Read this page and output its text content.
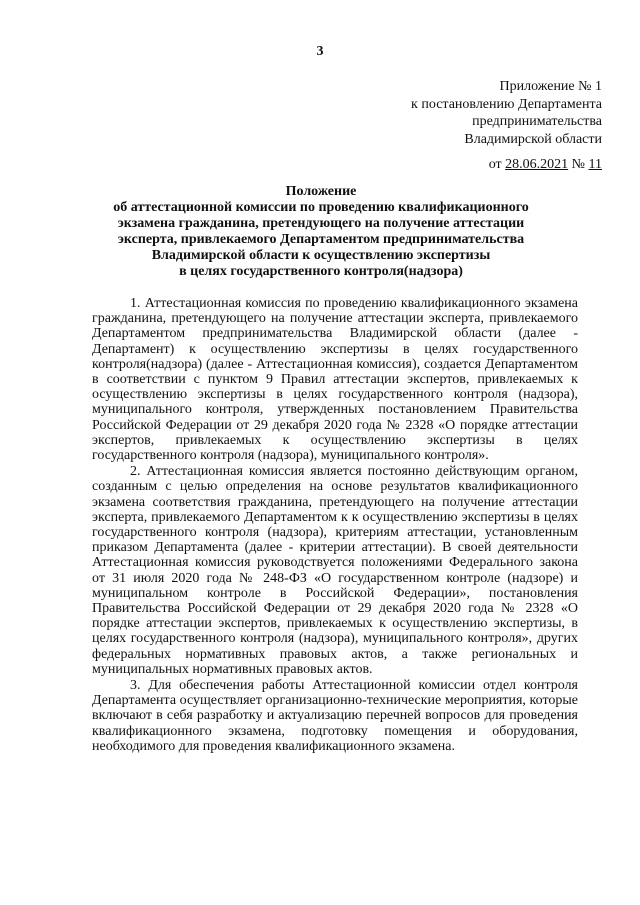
3
Приложение № 1
к постановлению Департамента
предпринимательства
Владимирской области
от 28.06.2021 № 11
Положение
об аттестационной комиссии по проведению квалификационного
экзамена гражданина, претендующего на получение аттестации
эксперта, привлекаемого Департаментом предпринимательства
Владимирской области к осуществлению экспертизы
в целях государственного контроля(надзора)

1. Аттестационная комиссия по проведению квалификационного экзамена гражданина, претендующего на получение аттестации эксперта, привлекаемого Департаментом предпринимательства Владимирской области (далее - Департамент) к осуществлению экспертизы в целях государственного контроля(надзора) (далее - Аттестационная комиссия), создается Департаментом в соответствии с пунктом 9 Правил аттестации экспертов, привлекаемых к осуществлению экспертизы в целях государственного контроля (надзора), муниципального контроля, утвержденных постановлением Правительства Российской Федерации от 29 декабря 2020 года № 2328 «О порядке аттестации экспертов, привлекаемых к осуществлению экспертизы в целях государственного контроля (надзора), муниципального контроля».

2. Аттестационная комиссия является постоянно действующим органом, созданным с целью определения на основе результатов квалификационного экзамена соответствия гражданина, претендующего на получение аттестации эксперта, привлекаемого Департаментом к к осуществлению экспертизы в целях государственного контроля (надзора), критериям аттестации, установленным приказом Департамента (далее - критерии аттестации). В своей деятельности Аттестационная комиссия руководствуется положениями Федерального закона от 31 июля 2020 года № 248-ФЗ «О государственном контроле (надзоре) и муниципальном контроле в Российской Федерации», постановления Правительства Российской Федерации от 29 декабря 2020 года № 2328 «О порядке аттестации экспертов, привлекаемых к осуществлению экспертизы, в целях государственного контроля (надзора), муниципального контроля», других федеральных нормативных правовых актов, а также региональных и муниципальных нормативных правовых актов.

3. Для обеспечения работы Аттестационной комиссии отдел контроля Департамента осуществляет организационно-технические мероприятия, которые включают в себя разработку и актуализацию перечней вопросов для проведения квалификационного экзамена, подготовку помещения и оборудования, необходимого для проведения квалификационного экзамена.
